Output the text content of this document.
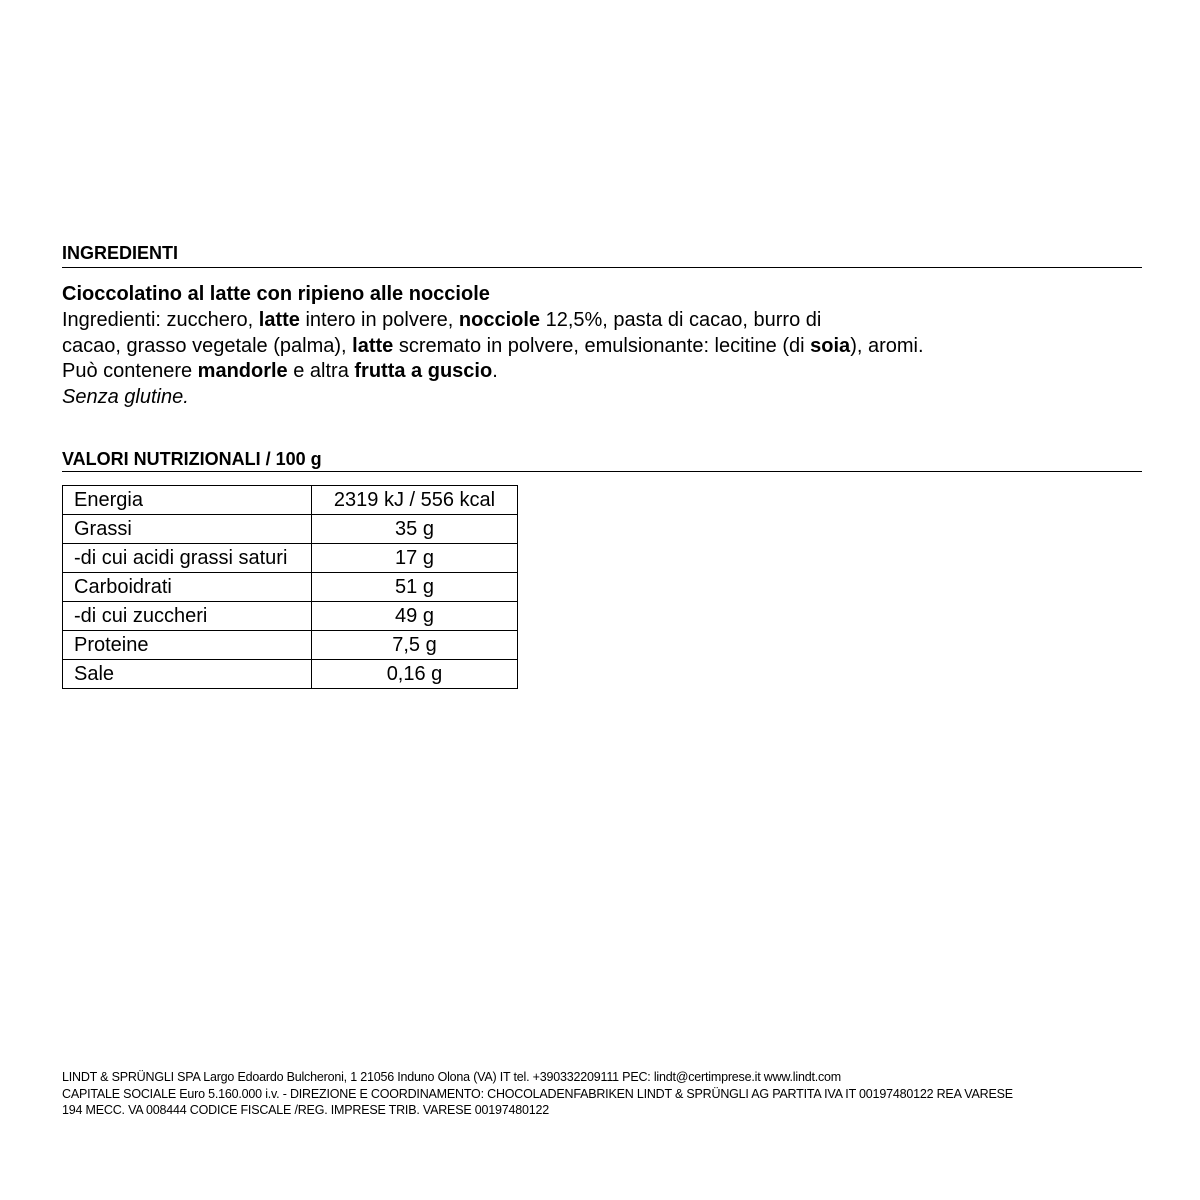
INGREDIENTI
Cioccolatino al latte con ripieno alle nocciole
Ingredienti: zucchero, latte intero in polvere, nocciole 12,5%, pasta di cacao, burro di
cacao, grasso vegetale (palma), latte scremato in polvere, emulsionante: lecitine (di soia), aromi.
Può contenere mandorle e altra frutta a guscio.
Senza glutine.
VALORI NUTRIZIONALI / 100 g
Energia	2319 kJ / 556 kcal
Grassi	35 g
-di cui acidi grassi saturi	17 g
Carboidrati	51 g
-di cui zuccheri	49 g
Proteine	7,5 g
Sale	0,16 g
LINDT & SPRÜNGLI SPA Largo Edoardo Bulcheroni, 1 21056 Induno Olona (VA) IT tel. +390332209111 PEC: lindt@certimprese.it www.lindt.com
CAPITALE SOCIALE Euro 5.160.000 i.v. - DIREZIONE E COORDINAMENTO: CHOCOLADENFABRIKEN LINDT & SPRÜNGLI AG PARTITA IVA IT 00197480122 REA VARESE
194 MECC. VA 008444 CODICE FISCALE /REG. IMPRESE TRIB. VARESE 00197480122
